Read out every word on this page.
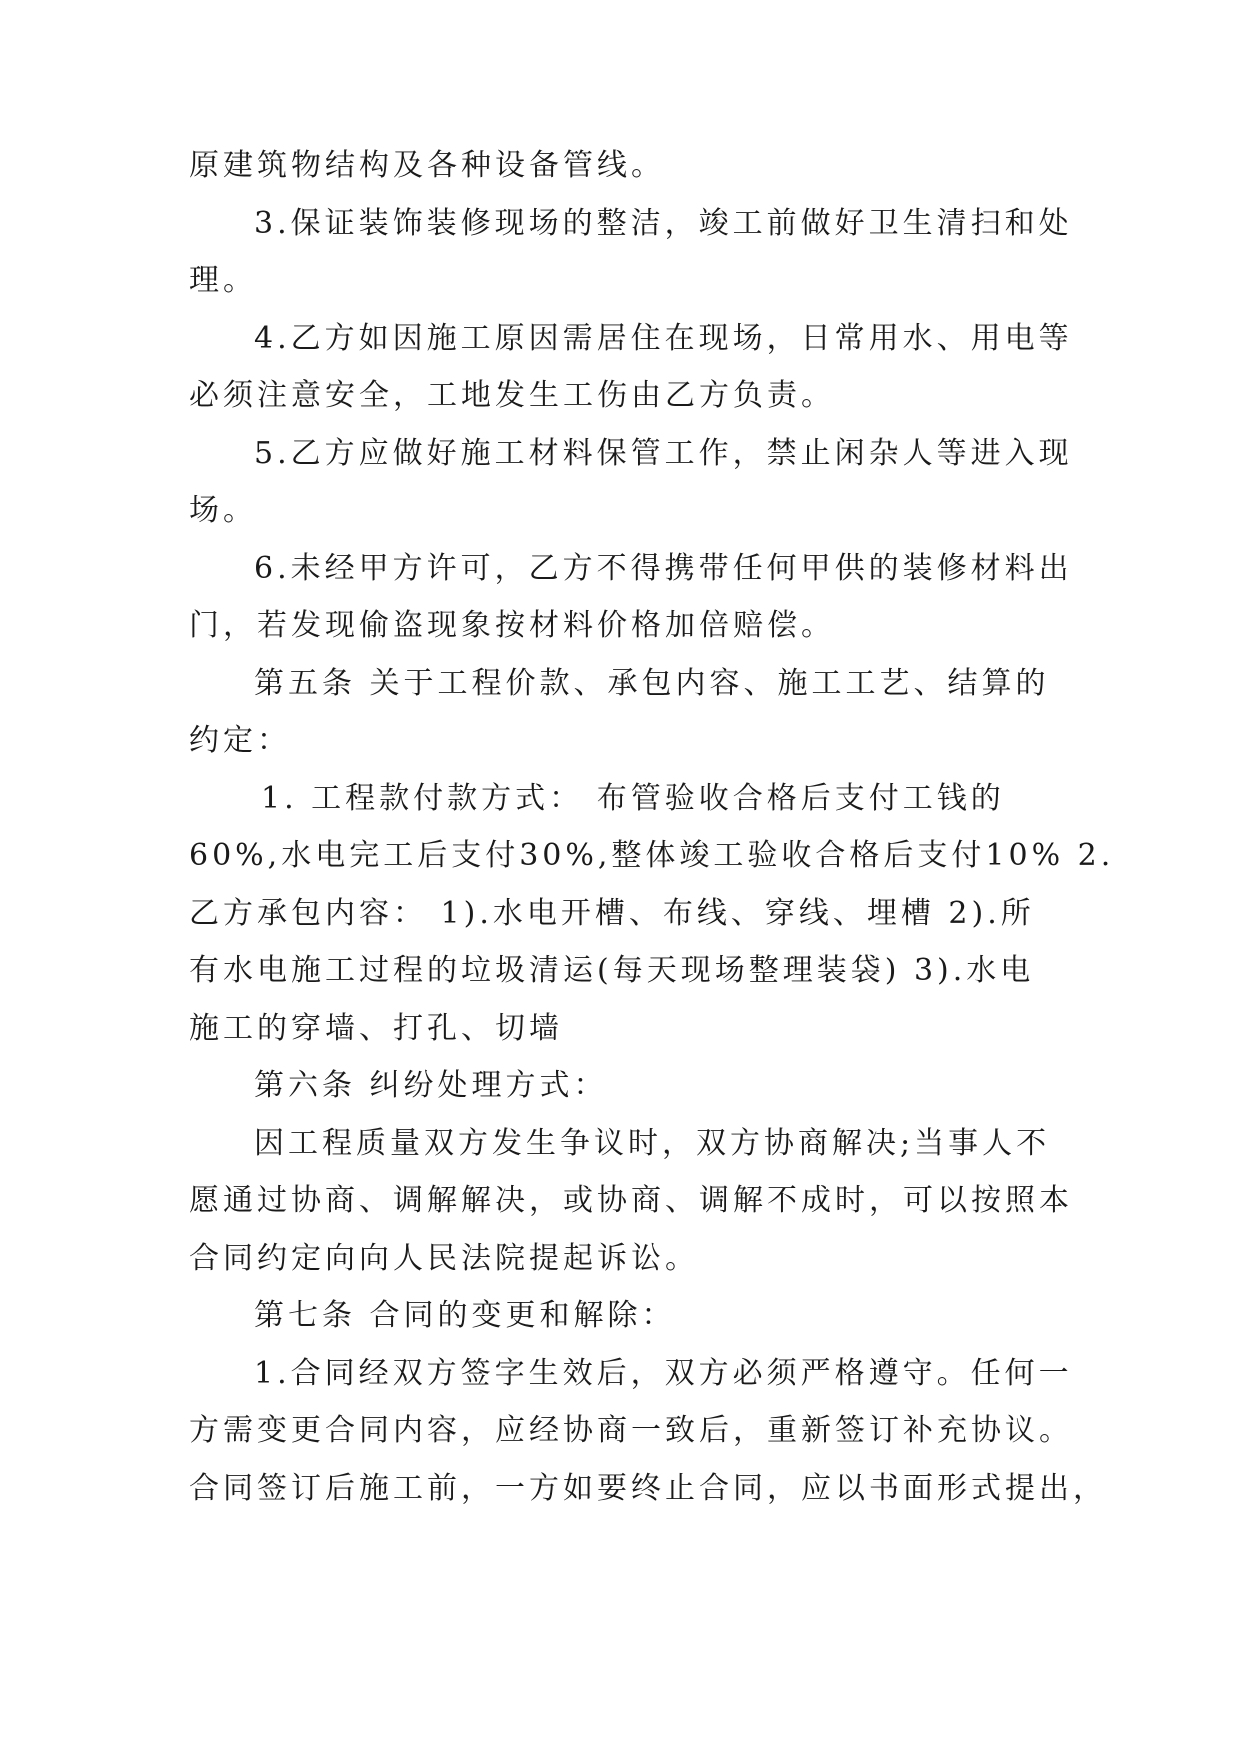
原建筑物结构及各种设备管线。
3.保证装饰装修现场的整洁，竣工前做好卫生清扫和处
理。
4.乙方如因施工原因需居住在现场，日常用水、用电等
必须注意安全，工地发生工伤由乙方负责。
5.乙方应做好施工材料保管工作，禁止闲杂人等进入现
场。
6.未经甲方许可，乙方不得携带任何甲供的装修材料出
门，若发现偷盗现象按材料价格加倍赔偿。
第五条 关于工程价款、承包内容、施工工艺、结算的
约定：
1. 工程款付款方式： 布管验收合格后支付工钱的
60%,水电完工后支付30%,整体竣工验收合格后支付10% 2.
乙方承包内容： 1).水电开槽、布线、穿线、埋槽 2).所
有水电施工过程的垃圾清运(每天现场整理装袋) 3).水电
施工的穿墙、打孔、切墙
第六条 纠纷处理方式：
因工程质量双方发生争议时，双方协商解决;当事人不
愿通过协商、调解解决，或协商、调解不成时，可以按照本
合同约定向向人民法院提起诉讼。
第七条 合同的变更和解除：
1.合同经双方签字生效后，双方必须严格遵守。任何一
方需变更合同内容，应经协商一致后，重新签订补充协议。
合同签订后施工前，一方如要终止合同，应以书面形式提出，
